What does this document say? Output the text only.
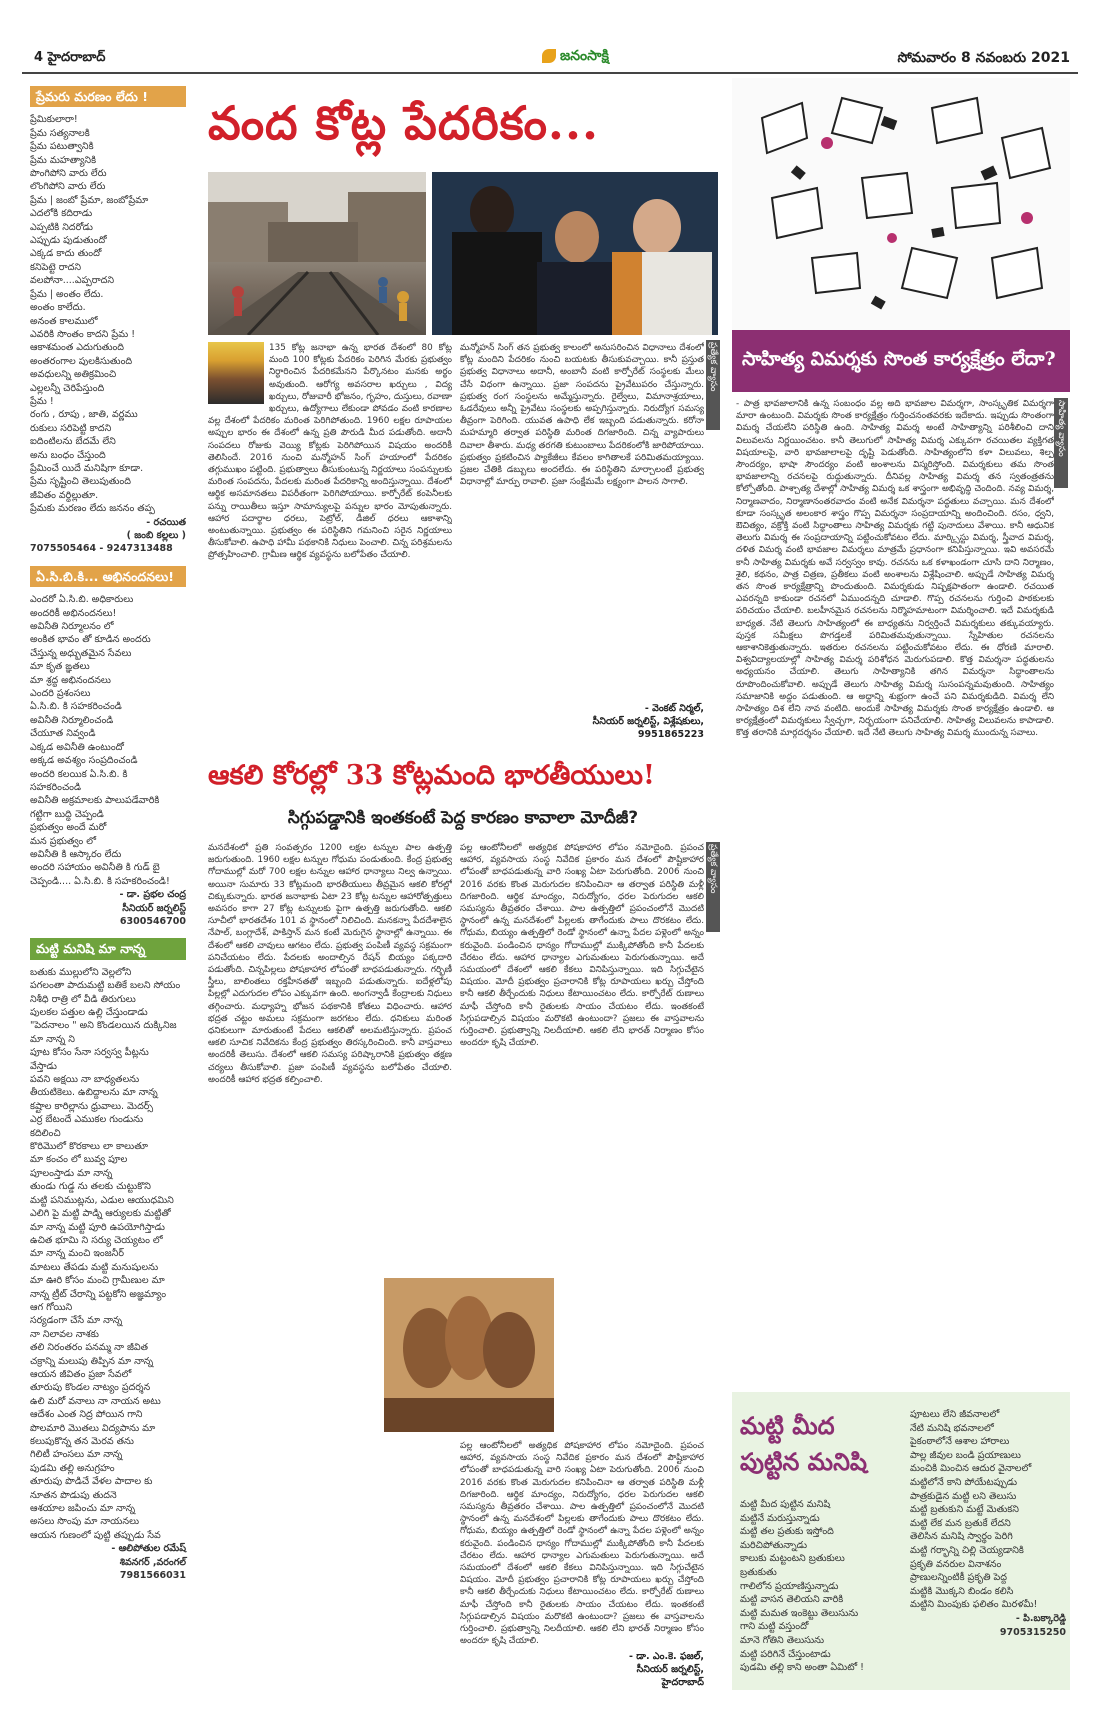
4 హైదరాబాద్	జనంసాక్షి	సోమవారం 8 నవంబరు 2021
ప్రేమరు మరణం లేదు !
ప్రేమికులారా!
ప్రేమ సత్యనాలకి
ప్రేమ పటుత్వానికి
ప్రేమ మహత్యానికి
పొంగిపోని వారు లేరు
లొంగిపోని వారు లేరు
ప్రేమ | జంబో ప్రేమా, జంబోప్రేమా
ఎదలోకి కదిరాడు
ఎప్పటికి నిదరోడు
ఎప్పుడు పుడుతుందో
ఎక్కడ కాదు తుందో
కనిపెట్టె రాదని
వలపోనా....ఎప్పరాదని
ప్రేమ | అంతం లేదు.
అంతం కాలేదు.
అనంత కాలములో
ఎవరికి సొంతం కాదని ప్రేమ !
ఆకాశమంత ఎదుగుతుంది
అంతరంగాల పులకిసుతుంది
అవధులన్ని అతిక్రమించి
ఎల్లలన్నీ చెరిపేస్తుంది
ప్రేమ !
రంగు , రూపు , జాతి, వర్ణము
రుకులు సరిపెట్టి కాదని
ఐదింటిలను బేదమే లేని
అను బంధం చేస్తుంది
ప్రేమించే యిదే మనిషిగా కూడా.
ప్రేమ సృష్టించి తెలుపుతుంది
జీవితం వర్ధిల్లుతూ.
ప్రేమకు మరణం లేదు జననం తప్ప
- రచయిత
( జంబి కల్లలు )
7075505464 - 9247313488
ఏ.సి.బి.కి... అభినందనలు!
ఎందరో ఏ.సి.బి. అధికారులు
అందరికీ అభినందనలు!
అవినీతి నిర్మూలనం లో
అంకిత భావం తో కూడిన అందరు
చేస్తున్న అధ్భుతమైన సేవలు
మా కృత ఙ్ఞతలు
మా శ్రద్ధ అభినందనలు
ఎందరి ప్రశంసలు
ఏ.సి.బి. కి సహకరించండి
అవినీతి నిర్మూలించండి
చేయూత నివ్వండి
ఎక్కడ అవినీతి ఉంటుందో
అక్కడ అవశ్యం సంప్రదించండి
అందరి కలయిక ఏ.సి.బి. కి
సహకరించండి
అవినీతి అక్రమాలకు పాలుపడేవారికి
గట్టిగా బుద్ధి చెప్పండి
ప్రభుత్వం అందే మరో
మన ప్రభుత్వం లో
అవినీతి కి ఆస్కారం లేదు
అందరి సహాయం అవినీతి కి గుడ్ బై
చెప్పండి.... ఏ.సి.బి. కి సహకరించండి!
- డా. ప్రభల చంద్ర
సీనియర్ జర్నలిస్ట్
6300546700
మట్టి మనిషి మా నాన్న
బతుకు ముల్లులోని వెల్లలోని
పగలంతా పాదుమట్టి బతికే బలని సోయం
నిశీధి రాత్రి లో వీడి తిరుగులు
పులకల పత్తుల ఉల్లి చేస్తుండాడు
"పెదనాలం " అని కొండలయిన దుక్కినిజ
మా నాన్న ని
పూట కోసం సేనా సర్వస్వ పీట్లను
వేస్తాడు
పవని అక్షయి నా బాధ్యతలను
తీయటికెలు. ఉబిద్దాలను మా నాన్న
కష్టాల కారిల్లాను ధ్రువాలు. మెదర్స్
ఎర్ర బేటందే ఎముకల గుండును
కదిలించి
కొరిమొలో కొరకాలు లా కాలుతూ
మా కంచం లో బువ్వ పూల
పూలంస్తాడు మా నాన్న
తుండు గుడ్డ ను తలకు చుట్టుకొని
మట్టి పనిముట్లను, ఎడుల ఆయుధమిని
ఎలిగి పై మట్టి పాడ్ని ఆర్యులకు మట్టితో
మా నాన్న మట్టి పూరి ఉపయోగిస్తాడు
ఉచిత భూమి ని సర్యు చెయ్యటం లో
మా నాన్న మంచి ఇంజనీర్
మాటలు తేపడు మట్టి మనుషులను
మా ఊరి కోసం మంచి గ్రామీణుల మా
నాన్న ట్రీట్ చేరాన్ని పట్టకోని అజ్ఞమ్యాం
ఆగ గోయిని
సర్యడంగా చేసే మా నాన్న
నా నిలావల నాశకు
తలి నిరంతరం పనమ్మ నా జీవిత
చక్రాన్ని మలుపు తిప్పిన మా నాన్న
ఆయన జీవితం ప్రజా సేవలో
తూరుపు కొండల నాట్యం ప్రదర్శన
ఉలి మరో వనాలు నా నాయన అటు
ఆదేశం ఎంత నిద్ర పోయిన గాని
పొలమారి మొతలు విద్యపాను మా
కలుపుకొన్న తన మెరవ తను
గిలిటీ హంసలు మా నాన్న
పుడమి తల్లి అనుగ్రహం
తూరుపు పొడిచే వేళల పాదాల కు
నూతన పొడుపు తుదనె
ఆశయాల జపించు మా నాన్న
అసలు సొంపు మా నాయనలు
ఆయన గుణంలో పుట్టి తప్పుడు సేవ
- ఆలిపోతుల రమేష్
శివనగర్ ,వరంగల్
7981566031
వంద కోట్ల పేదరికం...
ప్రత్యేక వ్యాసం
135 కోట్ల జనాభా ఉన్న భారత దేశంలో 80 కోట్ల మంది 100 కోట్లకు పేదరికం పెరిగిన మేరకు ప్రభుత్వం నిర్ధారించిన పేదరికమేనని పేర్కొనటం మనకు అర్థం అవుతుంది. ఆరోగ్య అవసరాల ఖర్చులు , విద్య ఖర్చులు, రోజువారీ భోజనం, గృహం, దుస్తులు, రవాణా ఖర్చులు, ఉద్యోగాలు లేకుండా పోవడం వంటి కారణాల వల్ల దేశంలో పేదరికం మరింత పెరిగిపోతుంది. 1960 లక్షల రూపాయల అప్పుల భారం ఈ దేశంలో ఉన్న ప్రతి పౌరుడి మీద పడుతోంది. అదానీ సంపదలు రోజుకు వెయ్యి కోట్లకు పెరిగిపోయిన విషయం అందరికీ తెలిసిందే. 2016 నుంచి మన్మోహన్ సింగ్ హయాంలో పేదరికం తగ్గుముఖం పట్టింది. ప్రభుత్వాలు తీసుకుంటున్న నిర్ణయాలు సంపన్నులకు మరింత సంపదను, పేదలకు మరింత పేదరికాన్ని అందిస్తున్నాయి. దేశంలో ఆర్థిక అసమానతలు విపరీతంగా పెరిగిపోయాయి. కార్పోరేట్ కంపెనీలకు పన్ను రాయితీలు ఇస్తూ సామాన్యులపై పన్నుల భారం మోపుతున్నారు. ఆహార పదార్థాల ధరలు, పెట్రోల్, డీజిల్ ధరలు ఆకాశాన్ని అంటుతున్నాయి. ప్రభుత్వం ఈ పరిస్థితిని గమనించి సరైన నిర్ణయాలు తీసుకోవాలి. ఉపాధి హామీ పథకానికి నిధులు పెంచాలి. చిన్న పరిశ్రమలను ప్రోత్సహించాలి. గ్రామీణ ఆర్థిక వ్యవస్థను బలోపేతం చేయాలి.
మన్మోహన్ సింగ్ తన ప్రభుత్వ కాలంలో అనుసరించిన విధానాలు దేశంలో కోట్ల మందిని పేదరికం నుంచి బయటకు తీసుకువచ్చాయి. కానీ ప్రస్తుత ప్రభుత్వ విధానాలు అదానీ, అంబానీ వంటి కార్పోరేట్ సంస్థలకు మేలు చేసే విధంగా ఉన్నాయి. ప్రజా సంపదను ప్రైవేటుపరం చేస్తున్నారు. ప్రభుత్వ రంగ సంస్థలను అమ్మేస్తున్నారు. రైల్వేలు, విమానాశ్రయాలు, ఓడరేవులు అన్నీ ప్రైవేటు సంస్థలకు అప్పగిస్తున్నారు. నిరుద్యోగ సమస్య తీవ్రంగా పెరిగింది. యువత ఉపాధి లేక ఇబ్బంది పడుతున్నారు. కరోనా మహమ్మారి తర్వాత పరిస్థితి మరింత దిగజారింది. చిన్న వ్యాపారులు దివాలా తీశారు. మధ్య తరగతి కుటుంబాలు పేదరికంలోకి జారిపోయాయి. ప్రభుత్వం ప్రకటించిన ప్యాకేజీలు కేవలం కాగితాలకే పరిమితమయ్యాయి. ప్రజల చేతికి డబ్బులు అందలేదు. ఈ పరిస్థితిని మార్చాలంటే ప్రభుత్వ విధానాల్లో మార్పు రావాలి. ప్రజా సంక్షేమమే లక్ష్యంగా పాలన సాగాలి.
- వెంకట్ నిర్మల్,
సీనియర్ జర్నలిస్ట్, విశ్లేషకులు,
9951865223
ఆకలి కోరల్లో 33 కోట్లమంది భారతీయులు!
సిగ్గుపడ్డానికి ఇంతకంటే పెద్ద కారణం కావాలా మోదీజీ?
ప్రత్యేక వ్యాసం
మనదేశంలో ప్రతి సంవత్సరం 1200 లక్షల టన్నుల పాల ఉత్పత్తి జరుగుతుంది. 1960 లక్షల టన్నుల గోధుమ పండుతుంది. కేంద్ర ప్రభుత్వ గోదాముల్లో మరో 700 లక్షల టన్నుల ఆహార ధాన్యాలు నిల్వ ఉన్నాయి. అయినా సుమారు 33 కోట్లమంది భారతీయులు తీవ్రమైన ఆకలి కోరల్లో చిక్కుకున్నారు. భారత జనాభాకు ఏటా 23 కోట్ల టన్నుల ఆహారోత్పత్తులు అవసరం కాగా 27 కోట్ల టన్నులకు పైగా ఉత్పత్తి జరుగుతోంది. ఆకలి సూచీలో భారతదేశం 101 వ స్థానంలో నిలిచింది. మనకన్నా పేదదేశాలైన నేపాల్, బంగ్లాదేశ్, పాకిస్తాన్ మన కంటే మెరుగైన స్థానాల్లో ఉన్నాయి. ఈ దేశంలో ఆకలి చావులు ఆగటం లేదు. ప్రభుత్వ పంపిణీ వ్యవస్థ సక్రమంగా పనిచేయటం లేదు. పేదలకు అందాల్సిన రేషన్ బియ్యం పక్కదారి పడుతోంది. చిన్నపిల్లలు పోషకాహార లోపంతో బాధపడుతున్నారు. గర్భిణీ స్త్రీలు, బాలింతలు రక్తహీనతతో ఇబ్బంది పడుతున్నారు. ఐదేళ్లలోపు పిల్లల్లో ఎదుగుదల లోపం ఎక్కువగా ఉంది. అంగన్వాడీ కేంద్రాలకు నిధులు తగ్గించారు. మధ్యాహ్న భోజన పథకానికి కోతలు విధించారు. ఆహార భద్రత చట్టం అమలు సక్రమంగా జరగటం లేదు. ధనికులు మరింత ధనికులుగా మారుతుంటే పేదలు ఆకలితో అలమటిస్తున్నారు. ప్రపంచ ఆకలి సూచిక నివేదికను కేంద్ర ప్రభుత్వం తిరస్కరించింది. కానీ వాస్తవాలు అందరికీ తెలుసు. దేశంలో ఆకలి సమస్య పరిష్కారానికి ప్రభుత్వం తక్షణ చర్యలు తీసుకోవాలి. ప్రజా పంపిణీ వ్యవస్థను బలోపేతం చేయాలి. అందరికీ ఆహార భద్రత కల్పించాలి.
పల్ల ఆంటోనీలలో అత్యధిక పోషకాహార లోపం నమోదైంది. ప్రపంచ ఆహార, వ్యవసాయ సంస్థ నివేదిక ప్రకారం మన దేశంలో పౌష్టికాహార లోపంతో బాధపడుతున్న వారి సంఖ్య ఏటా పెరుగుతోంది. 2006 నుంచి 2016 వరకు కొంత మెరుగుదల కనిపించినా ఆ తర్వాత పరిస్థితి మళ్లీ దిగజారింది. ఆర్థిక మాంద్యం, నిరుద్యోగం, ధరల పెరుగుదల ఆకలి సమస్యను తీవ్రతరం చేశాయి. పాల ఉత్పత్తిలో ప్రపంచంలోనే మొదటి స్థానంలో ఉన్న మనదేశంలో పిల్లలకు తాగేందుకు పాలు దొరకటం లేదు. గోధుమ, బియ్యం ఉత్పత్తిలో రెండో స్థానంలో ఉన్నా పేదల పళ్లెంలో అన్నం కరువైంది. పండించిన ధాన్యం గోదాముల్లో ముక్కిపోతోంది కానీ పేదలకు చేరటం లేదు. ఆహార ధాన్యాల ఎగుమతులు పెరుగుతున్నాయి. అదే సమయంలో దేశంలో ఆకలి కేకలు వినిపిస్తున్నాయి. ఇది సిగ్గుచేటైన విషయం. మోదీ ప్రభుత్వం ప్రచారానికి కోట్ల రూపాయలు ఖర్చు చేస్తోంది కానీ ఆకలి తీర్చేందుకు నిధులు కేటాయించటం లేదు. కార్పోరేట్ రుణాలు మాఫీ చేస్తోంది కానీ రైతులకు సాయం చేయటం లేదు. ఇంతకంటే సిగ్గుపడాల్సిన విషయం మరొకటి ఉంటుందా? ప్రజలు ఈ వాస్తవాలను గుర్తించాలి. ప్రభుత్వాన్ని నిలదీయాలి. ఆకలి లేని భారత్ నిర్మాణం కోసం అందరూ కృషి చేయాలి.
పల్ల ఆంటోనీలలో అత్యధిక పోషకాహార లోపం నమోదైంది. ప్రపంచ ఆహార, వ్యవసాయ సంస్థ నివేదిక ప్రకారం మన దేశంలో పౌష్టికాహార లోపంతో బాధపడుతున్న వారి సంఖ్య ఏటా పెరుగుతోంది. 2006 నుంచి 2016 వరకు కొంత మెరుగుదల కనిపించినా ఆ తర్వాత పరిస్థితి మళ్లీ దిగజారింది. ఆర్థిక మాంద్యం, నిరుద్యోగం, ధరల పెరుగుదల ఆకలి సమస్యను తీవ్రతరం చేశాయి. పాల ఉత్పత్తిలో ప్రపంచంలోనే మొదటి స్థానంలో ఉన్న మనదేశంలో పిల్లలకు తాగేందుకు పాలు దొరకటం లేదు. గోధుమ, బియ్యం ఉత్పత్తిలో రెండో స్థానంలో ఉన్నా పేదల పళ్లెంలో అన్నం కరువైంది. పండించిన ధాన్యం గోదాముల్లో ముక్కిపోతోంది కానీ పేదలకు చేరటం లేదు. ఆహార ధాన్యాల ఎగుమతులు పెరుగుతున్నాయి. అదే సమయంలో దేశంలో ఆకలి కేకలు వినిపిస్తున్నాయి. ఇది సిగ్గుచేటైన విషయం. మోదీ ప్రభుత్వం ప్రచారానికి కోట్ల రూపాయలు ఖర్చు చేస్తోంది కానీ ఆకలి తీర్చేందుకు నిధులు కేటాయించటం లేదు. కార్పోరేట్ రుణాలు మాఫీ చేస్తోంది కానీ రైతులకు సాయం చేయటం లేదు. ఇంతకంటే సిగ్గుపడాల్సిన విషయం మరొకటి ఉంటుందా? ప్రజలు ఈ వాస్తవాలను గుర్తించాలి. ప్రభుత్వాన్ని నిలదీయాలి. ఆకలి లేని భారత్ నిర్మాణం కోసం అందరూ కృషి చేయాలి.
- డా. ఎం.కె. ఫజల్,
సీనియర్ జర్నలిస్ట్,
హైదరాబాద్
సాహిత్య విమర్శకు సొంత కార్యక్షేత్రం లేదా?
సాహిత్య వ్యాసం
- పాత్ర భావజాలానికి ఉన్న సంబంధం వల్ల అది భావజాల విమర్శగా, సాంస్కృతిక విమర్శగా మారా ఉంటుంది. విమర్శకు సొంత కార్యక్షేత్రం గుర్తించనంతవరకు ఇదేకాదు. ఇప్పుడు సొంతంగా విమర్శ చేయలేని పరిస్థితి ఉంది. సాహిత్య విమర్శ అంటే సాహిత్యాన్ని పరిశీలించి దాని విలువలను నిర్ణయించటం. కానీ తెలుగులో సాహిత్య విమర్శ ఎక్కువగా రచయితల వ్యక్తిగత విషయాలపై, వారి భావజాలాలపై దృష్టి పెడుతోంది. సాహిత్యంలోని కళా విలువలు, శిల్ప సౌందర్యం, భాషా సౌందర్యం వంటి అంశాలను విస్మరిస్తోంది. విమర్శకులు తమ సొంత భావజాలాన్ని రచనలపై రుద్దుతున్నారు. దీనివల్ల సాహిత్య విమర్శ తన స్వతంత్రతను కోల్పోతోంది. పాశ్చాత్య దేశాల్లో సాహిత్య విమర్శ ఒక శాస్త్రంగా అభివృద్ధి చెందింది. నవ్య విమర్శ, నిర్మాణవాదం, నిర్మాణానంతరవాదం వంటి అనేక విమర్శనా పద్ధతులు వచ్చాయి. మన దేశంలో కూడా సంస్కృత అలంకార శాస్త్రం గొప్ప విమర్శనా సంప్రదాయాన్ని అందించింది. రసం, ధ్వని, ఔచిత్యం, వక్రోక్తి వంటి సిద్ధాంతాలు సాహిత్య విమర్శకు గట్టి పునాదులు వేశాయి. కానీ ఆధునిక తెలుగు విమర్శ ఈ సంప్రదాయాన్ని పట్టించుకోవటం లేదు. మార్క్సిస్టు విమర్శ, స్త్రీవాద విమర్శ, దళిత విమర్శ వంటి భావజాల విమర్శలు మాత్రమే ప్రధానంగా కనిపిస్తున్నాయి. ఇవి అవసరమే కానీ సాహిత్య విమర్శకు అవే సర్వస్వం కావు. రచనను ఒక కళాఖండంగా చూసి దాని నిర్మాణం, శైలి, కథనం, పాత్ర చిత్రణ, ప్రతీకలు వంటి అంశాలను విశ్లేషించాలి. అప్పుడే సాహిత్య విమర్శ తన సొంత కార్యక్షేత్రాన్ని పొందుతుంది. విమర్శకుడు నిష్పక్షపాతంగా ఉండాలి. రచయిత ఎవరన్నది కాకుండా రచనలో ఏముందన్నది చూడాలి. గొప్ప రచనలను గుర్తించి పాఠకులకు పరిచయం చేయాలి. బలహీనమైన రచనలను నిర్మొహమాటంగా విమర్శించాలి. ఇదే విమర్శకుడి బాధ్యత. నేటి తెలుగు సాహిత్యంలో ఈ బాధ్యతను నిర్వర్తించే విమర్శకులు తక్కువయ్యారు. పుస్తక సమీక్షలు పొగడ్తలకే పరిమితమవుతున్నాయి. స్నేహితుల రచనలను ఆకాశానికెత్తుతున్నారు. ఇతరుల రచనలను పట్టించుకోవటం లేదు. ఈ ధోరణి మారాలి. విశ్వవిద్యాలయాల్లో సాహిత్య విమర్శ పరిశోధన మెరుగుపడాలి. కొత్త విమర్శనా పద్ధతులను అధ్యయనం చేయాలి. తెలుగు సాహిత్యానికి తగిన విమర్శనా సిద్ధాంతాలను రూపొందించుకోవాలి. అప్పుడే తెలుగు సాహిత్య విమర్శ సుసంపన్నమవుతుంది. సాహిత్యం సమాజానికి అద్దం పడుతుంది. ఆ అద్దాన్ని శుభ్రంగా ఉంచే పని విమర్శకుడిది. విమర్శ లేని సాహిత్యం దిశ లేని నావ వంటిది. అందుకే సాహిత్య విమర్శకు సొంత కార్యక్షేత్రం ఉండాలి. ఆ కార్యక్షేత్రంలో విమర్శకులు స్వేచ్ఛగా, నిర్భయంగా పనిచేయాలి. సాహిత్య విలువలను కాపాడాలి. కొత్త తరానికి మార్గదర్శనం చేయాలి. ఇదే నేటి తెలుగు సాహిత్య విమర్శ ముందున్న సవాలు.
మట్టి మీద పుట్టిన మనిషి
మట్టి మీద పుట్టిన మనిషి
మట్టినే మరుస్తున్నాడు
మట్టి తల ప్రతుకు ఇస్తోంది
మరిచిపోతున్నాడు
కాలుకు మట్టంటని బ్రతుకులు
బ్రతుకుతు
గాలిలోన ప్రయాణిస్తున్నాడు
మట్టి వాసన తెలియని వారికి
మట్టి మమత ఇంకెట్టు తెలుసును
గాని మట్టి వస్తుందో
మానె గోతిని తెలుసును
మట్టి పరిగినే చేస్తుంటాడు
పుడమి తల్లి కాని అంతా ఏమిటో !
పూటలు లేని జీవనాలలో
నేటి మనిషి భవనాలలో
పైకంఠాలోనే ఆశాల హారాలు
పాల్ల జీవుల బండి ప్రయాణులు
మంచికి మించిన ఆదుర వైనాలలో
మట్టిలోనే కాని పోయేటప్పుడు
పాత్రకుడైన మట్టి లని తెలుసు
మట్టి బ్రతుకుని మట్టే మెతుకని
మట్టి లేక మన బ్రతుకే లేదని
తెలిసిన మనిషి స్వార్థం పెరిగి
మట్టి గర్భాన్ని చిల్లి చెయ్యడానికి
ప్రకృతి వనరుల వినాశనం
ప్రాణులన్నింటికీ ప్రకృతి పెద్ద
మట్టికి మొక్కని బిండం కలిసి
మట్టిని మింపుకు ఫలితం మిరళమీ!
- పి.బక్కారెడ్డి
9705315250
